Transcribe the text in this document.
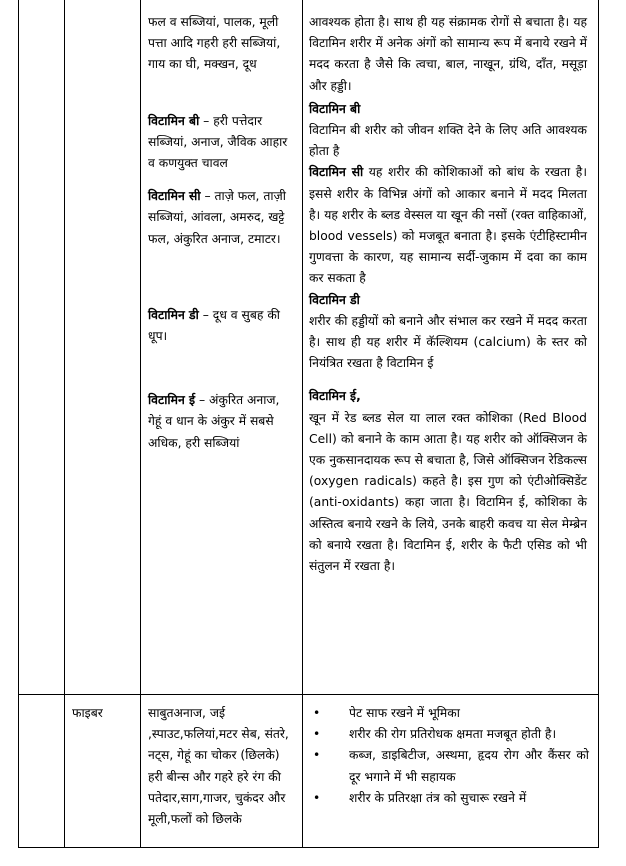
फल व सब्जियां, पालक, मूली पत्ता आदि गहरी हरी सब्जियां, गाय का घी, मक्खन, दूध

विटामिन बी – हरी पत्तेदार सब्जियां, अनाज, जैविक आहार व कणयुक्त चावल

विटामिन सी – ताज़े फल, ताज़ी सब्जियां, आंवला, अमरुद, खट्टे फल, अंकुरित अनाज, टमाटर।

विटामिन डी – दूध व सुबह की धूप।

विटामिन ई – अंकुरित अनाज, गेहूं व धान के अंकुर में सबसे अधिक, हरी सब्जियां

आवश्यक होता है। साथ ही यह संक्रामक रोगों से बचाता है। यह विटामिन शरीर में अनेक अंगों को सामान्य रूप में बनाये रखने में मदद करता है जैसे कि त्वचा, बाल, नाखून, ग्रंथि, दाँत, मसूड़ा और हड्डी।

विटामिन बी

विटामिन बी शरीर को जीवन शक्ति देने के लिए अति आवश्यक होता है

विटामिन सी यह शरीर की कोशिकाओं को बांध के रखता है। इससे शरीर के विभिन्न अंगों को आकार बनाने में मदद मिलता है। यह शरीर के ब्लड वेस्सल या खून की नसों (रक्त वाहिकाओं, blood vessels) को मजबूत बनाता है। इसके एंटीहिस्टामीन गुणवत्ता के कारण, यह सामान्य सर्दी-जुकाम में दवा का काम कर सकता है

विटामिन डी

शरीर की हड्डीयों को बनाने और संभाल कर रखने में मदद करता है। साथ ही यह शरीर में कॅल्शियम (calcium) के स्तर को नियंत्रित रखता है विटामिन ई

विटामिन ई,

खून में रेड ब्लड सेल या लाल रक्त कोशिका (Red Blood Cell) को बनाने के काम आता है। यह शरीर को ऑक्सिजन के एक नुकसानदायक रूप से बचाता है, जिसे ऑक्सिजन रेडिकल्स (oxygen radicals) कहते है। इस गुण को एंटीओक्सिडेंट (anti-oxidants) कहा जाता है। विटामिन ई, कोशिका के अस्तित्व बनाये रखने के लिये, उनके बाहरी कवच या सेल मेम्ब्रेन को बनाये रखता है। विटामिन ई, शरीर के फैटी एसिड को भी संतुलन में रखता है।

फाइबर	साबुतअनाज, जई ,स्पाउट,फलियां,मटर सेब, संतरे, नट्स, गेहूं का चोकर (छिलके) हरी बीन्स और गहरे हरे रंग की पतेदार,साग,गाजर, चुकंदर और मूली,फलों को छिलके

• पेट साफ रखने में भूमिका
• शरीर की रोग प्रतिरोधक क्षमता मजबूत होती है।
• कब्ज, डाइबिटीज, अस्थमा, हृदय रोग और कैंसर को दूर भगाने में भी सहायक
• शरीर के प्रतिरक्षा तंत्र को सुचारू रखने में
